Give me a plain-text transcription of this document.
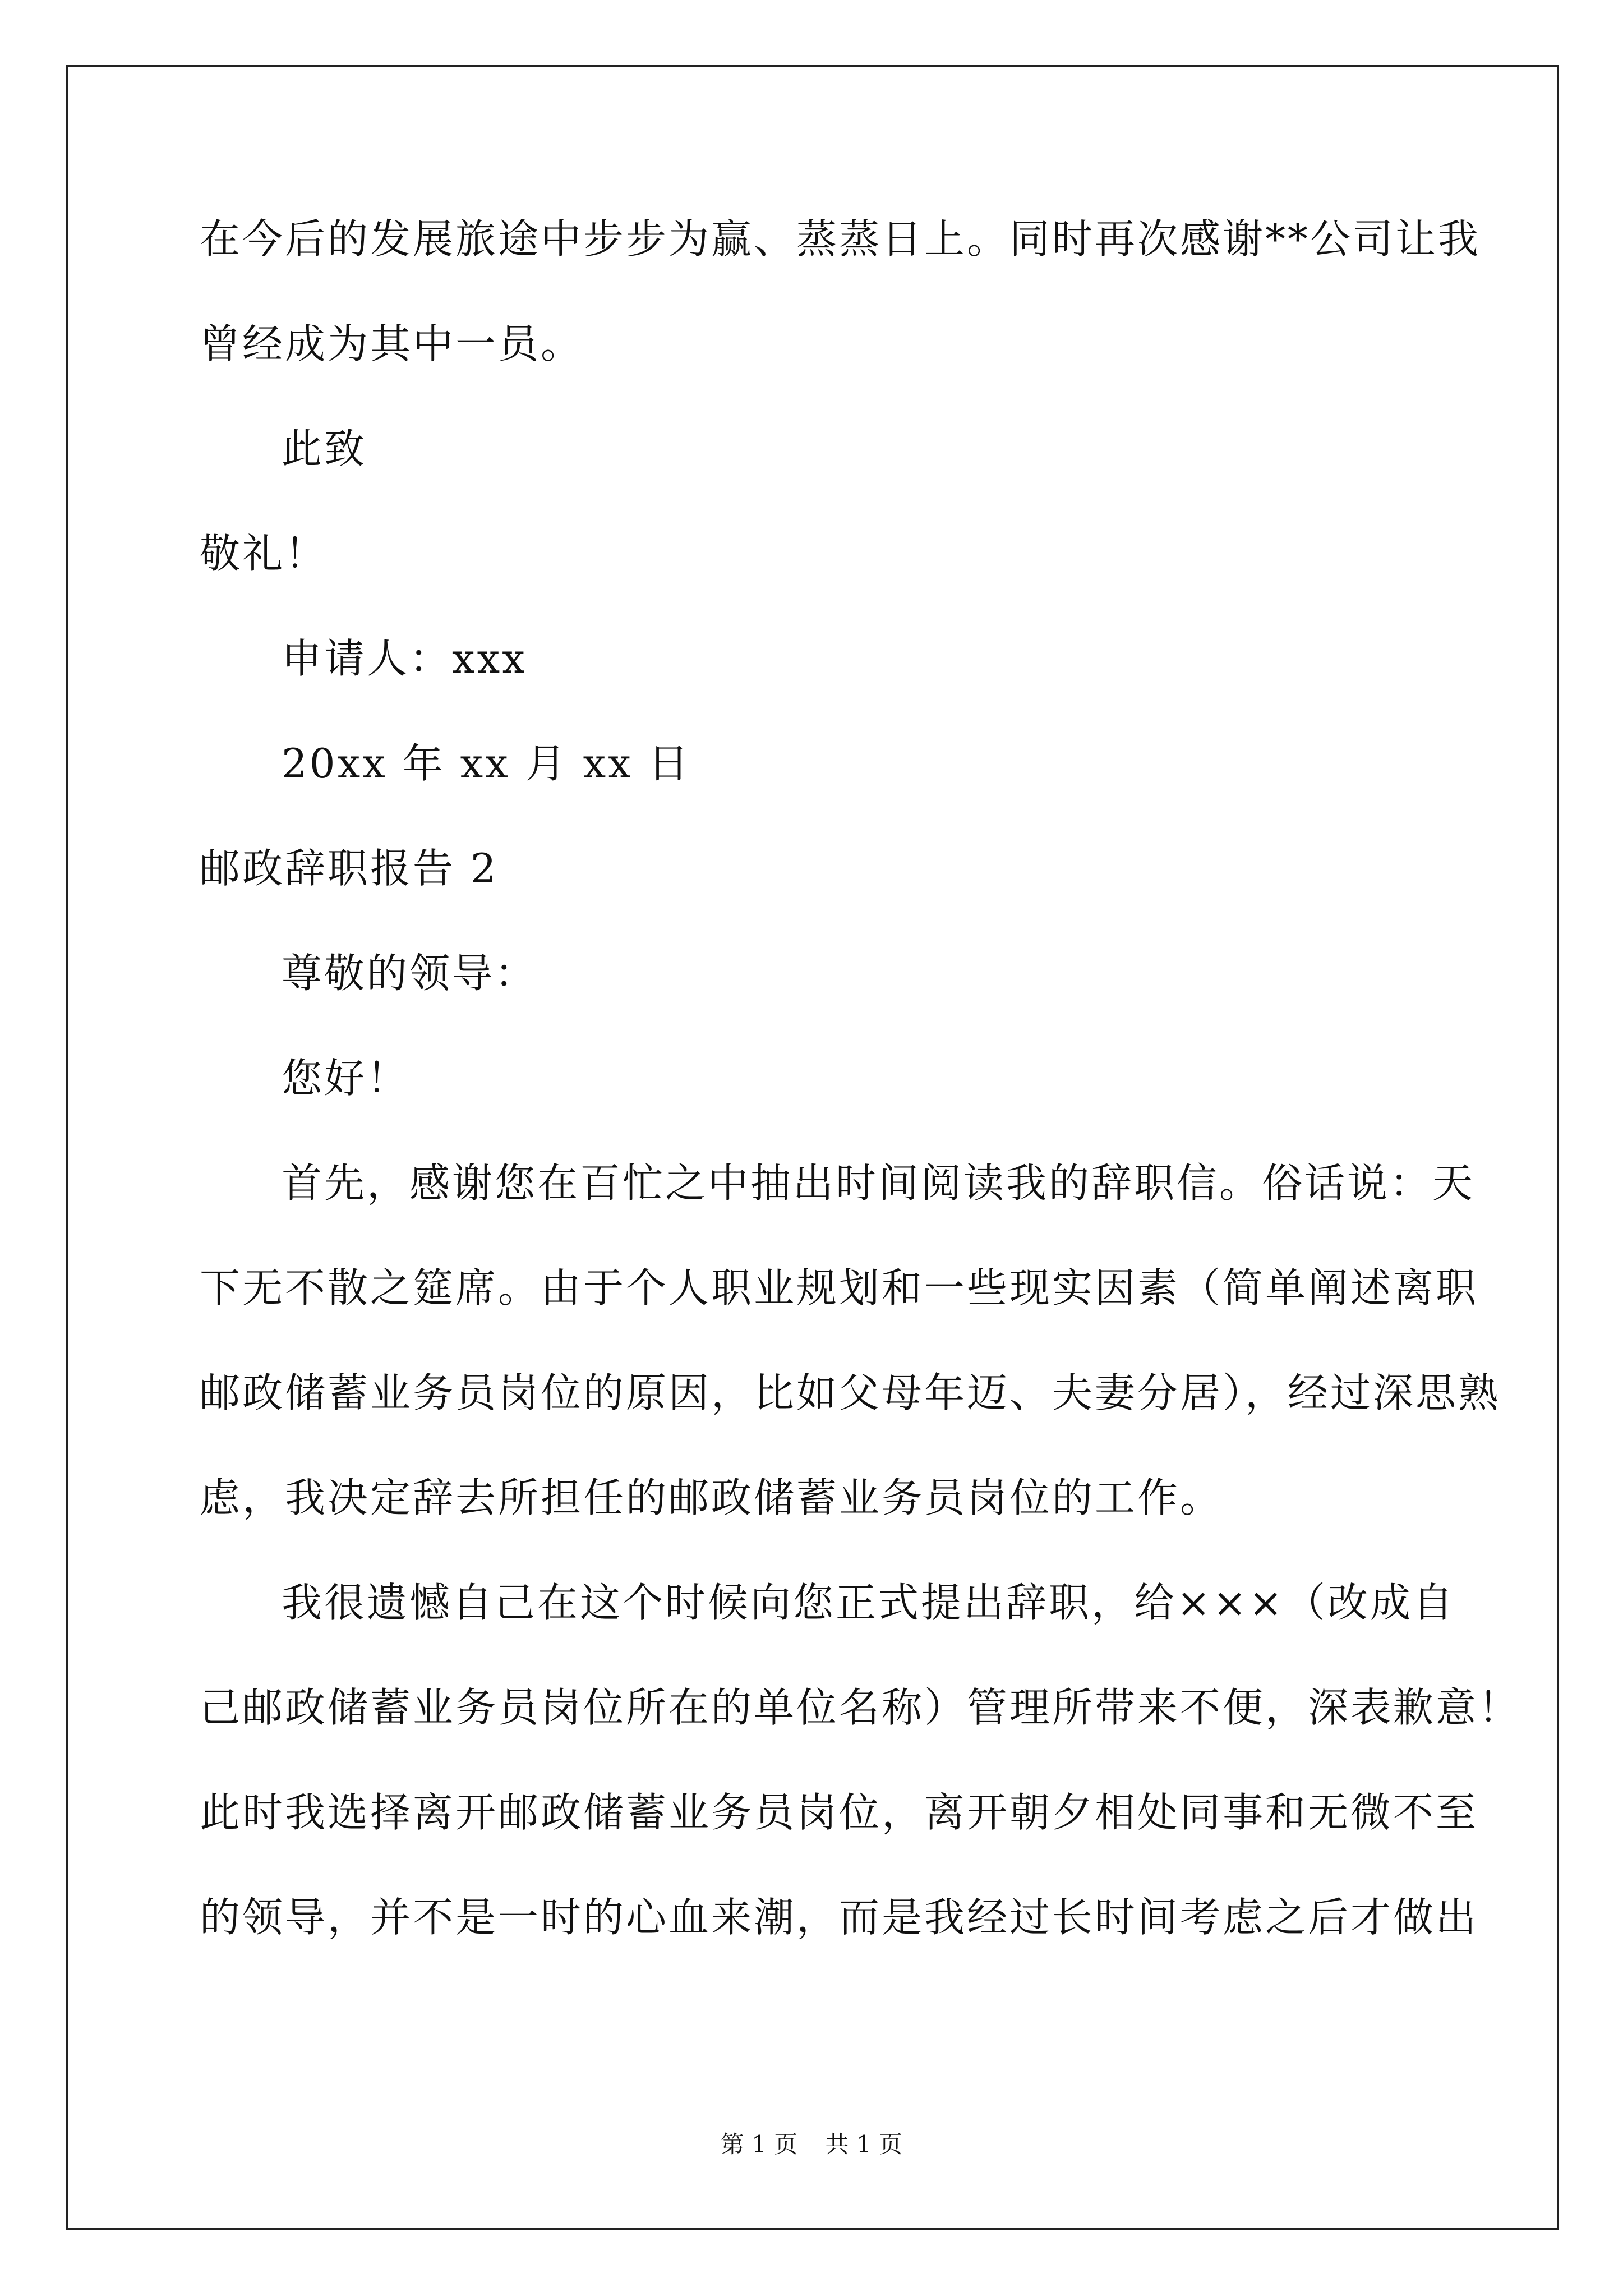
在今后的发展旅途中步步为赢、蒸蒸日上。同时再次感谢**公司让我
曾经成为其中一员。
此致
敬礼！
申请人：xxx
20xx 年 xx 月 xx 日
邮政辞职报告 2
尊敬的领导：
您好！
首先，感谢您在百忙之中抽出时间阅读我的辞职信。俗话说：天
下无不散之筵席。由于个人职业规划和一些现实因素（简单阐述离职
邮政储蓄业务员岗位的原因，比如父母年迈、夫妻分居），经过深思熟
虑，我决定辞去所担任的邮政储蓄业务员岗位的工作。
我很遗憾自己在这个时候向您正式提出辞职，给×××（改成自
己邮政储蓄业务员岗位所在的单位名称）管理所带来不便，深表歉意！
此时我选择离开邮政储蓄业务员岗位，离开朝夕相处同事和无微不至
的领导，并不是一时的心血来潮，而是我经过长时间考虑之后才做出
第 1 页 共 1 页
